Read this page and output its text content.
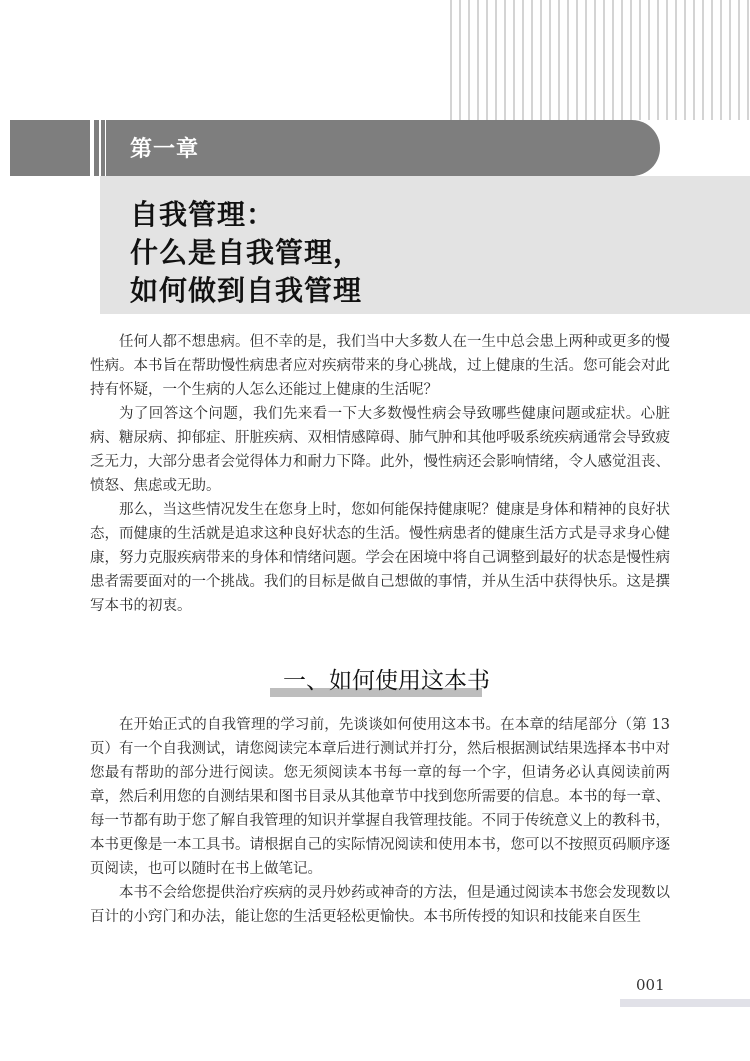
第一章
自我管理：
什么是自我管理，
如何做到自我管理

任何人都不想患病。但不幸的是，我们当中大多数人在一生中总会患上两种或更多的慢性病。本书旨在帮助慢性病患者应对疾病带来的身心挑战，过上健康的生活。您可能会对此持有怀疑，一个生病的人怎么还能过上健康的生活呢？

为了回答这个问题，我们先来看一下大多数慢性病会导致哪些健康问题或症状。心脏病、糖尿病、抑郁症、肝脏疾病、双相情感障碍、肺气肿和其他呼吸系统疾病通常会导致疲乏无力，大部分患者会觉得体力和耐力下降。此外，慢性病还会影响情绪，令人感觉沮丧、愤怒、焦虑或无助。

那么，当这些情况发生在您身上时，您如何能保持健康呢？健康是身体和精神的良好状态，而健康的生活就是追求这种良好状态的生活。慢性病患者的健康生活方式是寻求身心健康，努力克服疾病带来的身体和情绪问题。学会在困境中将自己调整到最好的状态是慢性病患者需要面对的一个挑战。我们的目标是做自己想做的事情，并从生活中获得快乐。这是撰写本书的初衷。

一、如何使用这本书

在开始正式的自我管理的学习前，先谈谈如何使用这本书。在本章的结尾部分（第 13 页）有一个自我测试，请您阅读完本章后进行测试并打分，然后根据测试结果选择本书中对您最有帮助的部分进行阅读。您无须阅读本书每一章的每一个字，但请务必认真阅读前两章，然后利用您的自测结果和图书目录从其他章节中找到您所需要的信息。本书的每一章、每一节都有助于您了解自我管理的知识并掌握自我管理技能。不同于传统意义上的教科书，本书更像是一本工具书。请根据自己的实际情况阅读和使用本书，您可以不按照页码顺序逐页阅读，也可以随时在书上做笔记。

本书不会给您提供治疗疾病的灵丹妙药或神奇的方法，但是通过阅读本书您会发现数以百计的小窍门和办法，能让您的生活更轻松更愉快。本书所传授的知识和技能来自医生

001
